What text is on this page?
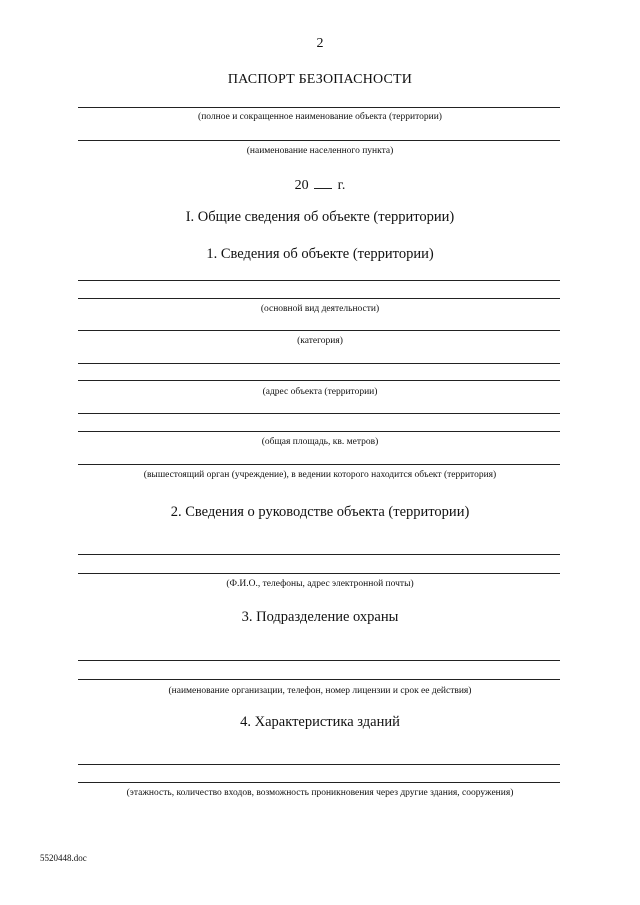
2
ПАСПОРТ БЕЗОПАСНОСТИ
(полное и сокращенное наименование объекта (территории)
(наименование населенного пункта)
20 г.
I. Общие сведения об объекте (территории)
1. Сведения об объекте (территории)
(основной вид деятельности)
(категория)
(адрес объекта (территории)
(общая площадь, кв. метров)
(вышестоящий орган (учреждение), в ведении которого находится объект (территория)
2. Сведения о руководстве объекта (территории)
(Ф.И.О., телефоны, адрес электронной почты)
3. Подразделение охраны
(наименование организации, телефон, номер лицензии и срок ее действия)
4. Характеристика зданий
(этажность, количество входов, возможность проникновения через другие здания, сооружения)
5520448.doc
